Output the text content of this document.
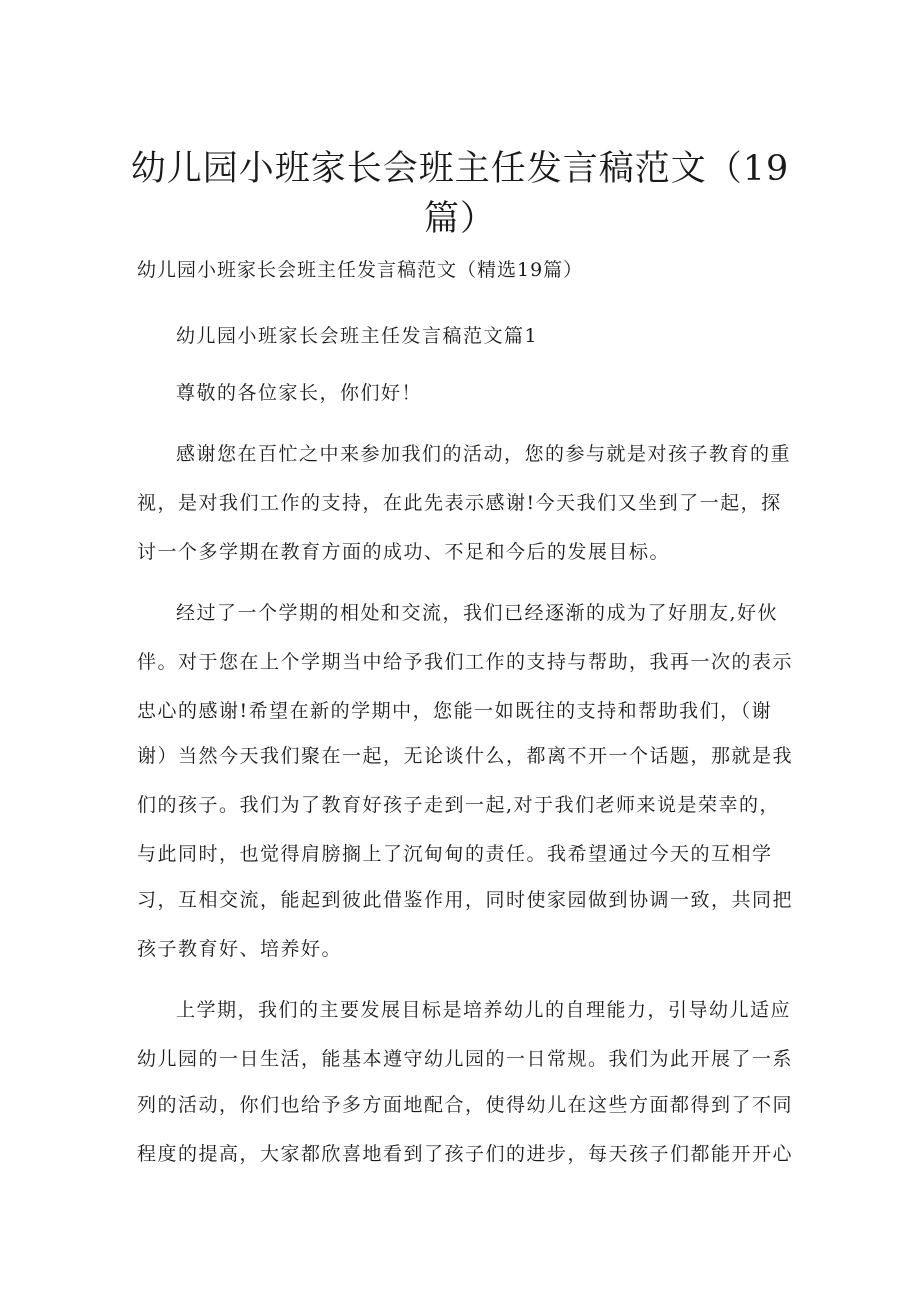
幼儿园小班家长会班主任发言稿范文（19篇）

幼儿园小班家长会班主任发言稿范文（精选19篇）

幼儿园小班家长会班主任发言稿范文篇1

尊敬的各位家长，你们好！

感谢您在百忙之中来参加我们的活动，您的参与就是对孩子教育的重

视，是对我们工作的支持，在此先表示感谢!今天我们又坐到了一起，探

讨一个多学期在教育方面的成功、不足和今后的发展目标。

经过了一个学期的相处和交流，我们已经逐渐的成为了好朋友,好伙

伴。对于您在上个学期当中给予我们工作的支持与帮助，我再一次的表示

忠心的感谢!希望在新的学期中，您能一如既往的支持和帮助我们，（谢

谢）当然今天我们聚在一起，无论谈什么，都离不开一个话题，那就是我

们的孩子。我们为了教育好孩子走到一起,对于我们老师来说是荣幸的，

与此同时，也觉得肩膀搁上了沉甸甸的责任。我希望通过今天的互相学

习，互相交流，能起到彼此借鉴作用，同时使家园做到协调一致，共同把

孩子教育好、培养好。

上学期，我们的主要发展目标是培养幼儿的自理能力，引导幼儿适应

幼儿园的一日生活，能基本遵守幼儿园的一日常规。我们为此开展了一系

列的活动，你们也给予多方面地配合，使得幼儿在这些方面都得到了不同

程度的提高，大家都欣喜地看到了孩子们的进步，每天孩子们都能开开心
